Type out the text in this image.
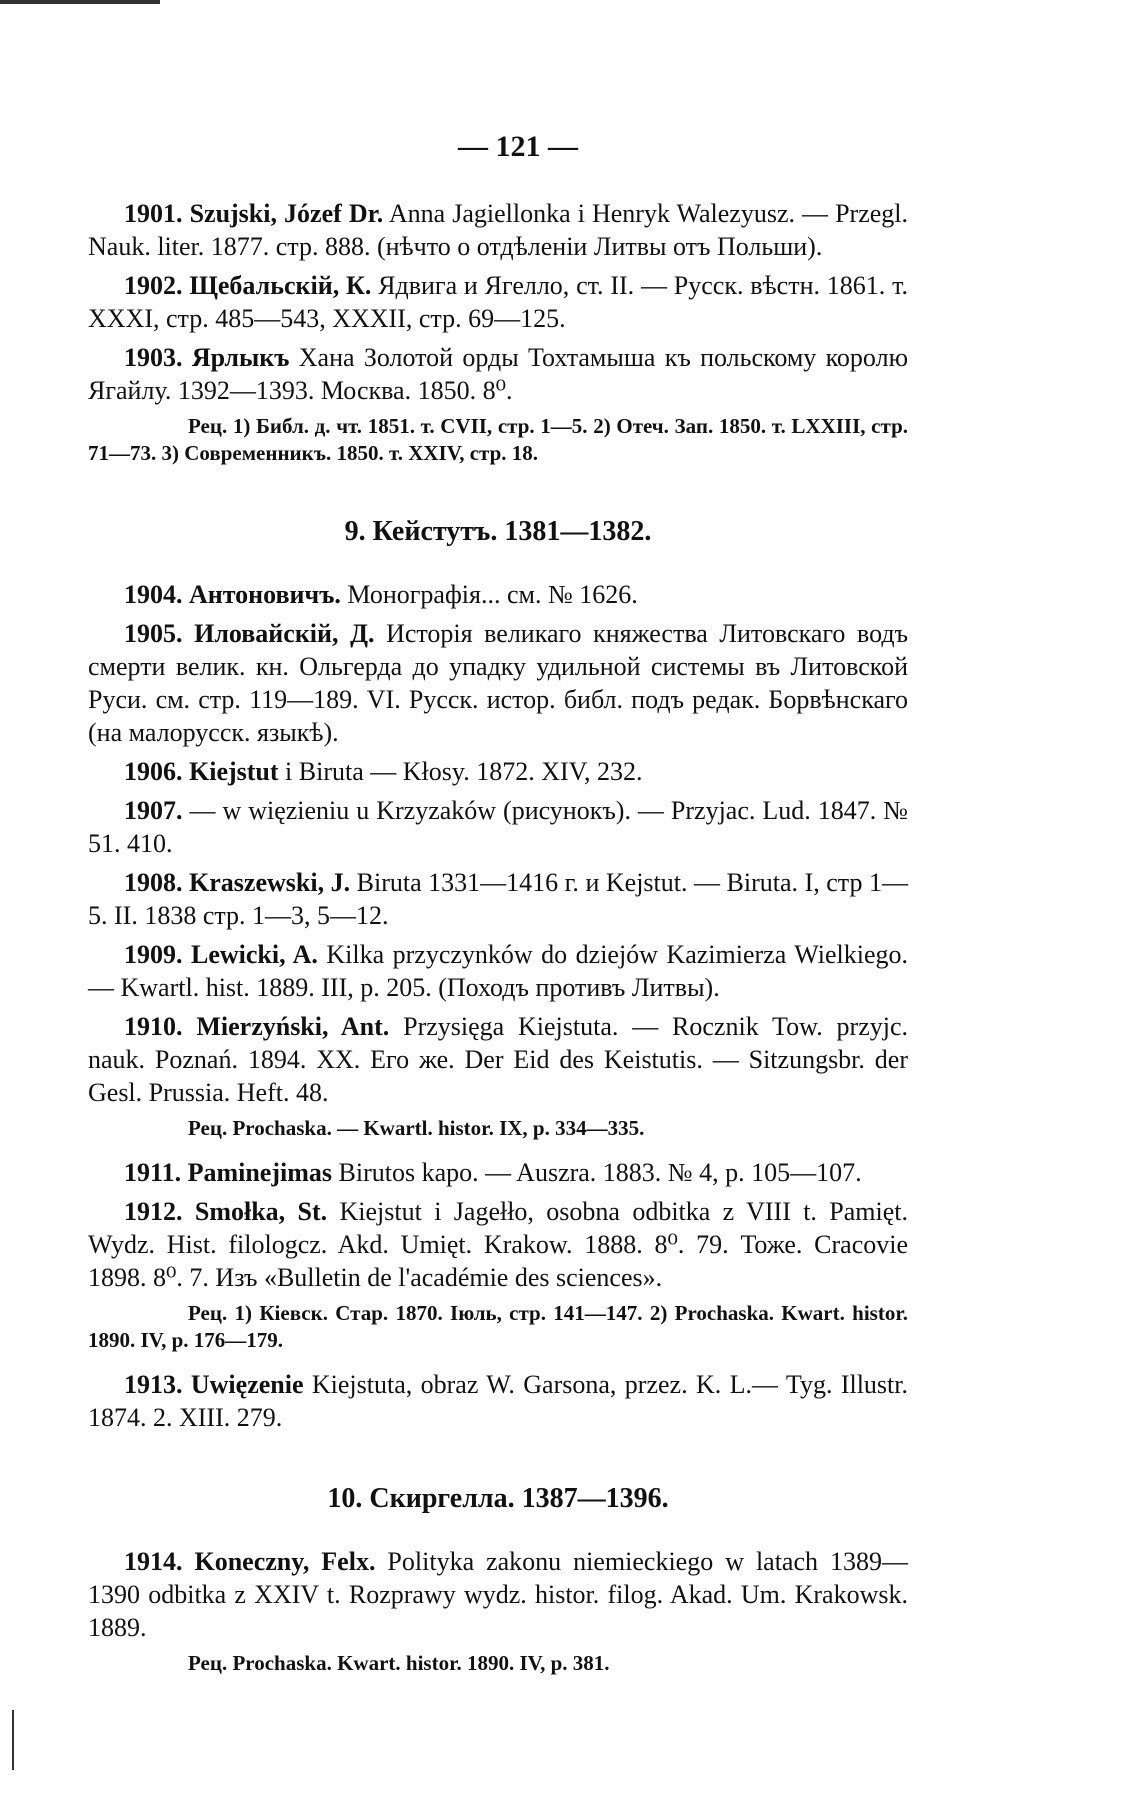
— 121 —

1901. Szujski, Józef Dr. Anna Jagiellonka i Henryk Walezyusz. — Przegl. Nauk. liter. 1877. стр. 888. (нѣчто о отдѣленіи Литвы отъ Польши).

1902. Щебальскій, К. Ядвига и Ягелло, ст. II. — Русск. вѣстн. 1861. т. XXXI, стр. 485—543, XXXII, стр. 69—125.

1903. Ярлыкъ Хана Золотой орды Тохтамыша къ польскому королю Ягайлу. 1392—1393. Москва. 1850. 8⁰.

Рец. 1) Библ. д. чт. 1851. т. CVII, стр. 1—5. 2) Отеч. Зап. 1850. т. LXXIII, стр. 71—73. 3) Современникъ. 1850. т. XXIV, стр. 18.

9. Кейстутъ. 1381—1382.

1904. Антоновичъ. Монографія... см. № 1626.

1905. Иловайскій, Д. Исторія великаго княжества Литовскаго водъ смерти велик. кн. Ольгерда до упадку удильной системы въ Литовской Руси. см. стр. 119—189. VI. Русск. истор. библ. подъ редак. Борвѣнскаго (на малорусск. языкѣ).

1906. Kiejstut i Biruta — Kłosy. 1872. XIV, 232.

1907. — w więzieniu u Krzyzaków (рисунокъ). — Przyjac. Lud. 1847. № 51. 410.

1908. Kraszewski, J. Biruta 1331—1416 г. и Kejstut. — Biruta. I, стр 1—5. II. 1838 стр. 1—3, 5—12.

1909. Lewicki, A. Kilka przyczynków do dziejów Kazimierza Wielkiego. — Kwartl. hist. 1889. III, p. 205. (Походъ противъ Литвы).

1910. Mierzyński, Ant. Przysięga Kiejstuta. — Rocznik Tow. przyjc. nauk. Poznań. 1894. XX. Его же. Der Eid des Keistutis. — Sitzungsbr. der Gesl. Prussia. Heft. 48.

Рец. Prochaska. — Kwartl. histor. IX, p. 334—335.

1911. Paminejimas Birutos kapo. — Auszra. 1883. № 4, p. 105—107.

1912. Smołka, St. Kiejstut i Jagełło, osobna odbitka z VIII t. Pamięt. Wydz. Hist. filologcz. Akd. Umięt. Krakow. 1888. 8⁰. 79. Тоже. Cracovie 1898. 8⁰. 7. Изъ «Bulletin de l'académie des sciences».

Рец. 1) Кіевск. Стар. 1870. Іюль, стр. 141—147. 2) Prochaska. Kwart. histor. 1890. IV, p. 176—179.

1913. Uwięzenie Kiejstuta, obraz W. Garsona, przez. K. L.— Tyg. Illustr. 1874. 2. XIII. 279.

10. Скиргелла. 1387—1396.

1914. Koneczny, Felx. Polityka zakonu niemieckiego w latach 1389—1390 odbitka z XXIV t. Rozprawy wydz. histor. filog. Akad. Um. Krakowsk. 1889.

Рец. Prochaska. Kwart. histor. 1890. IV, p. 381.
